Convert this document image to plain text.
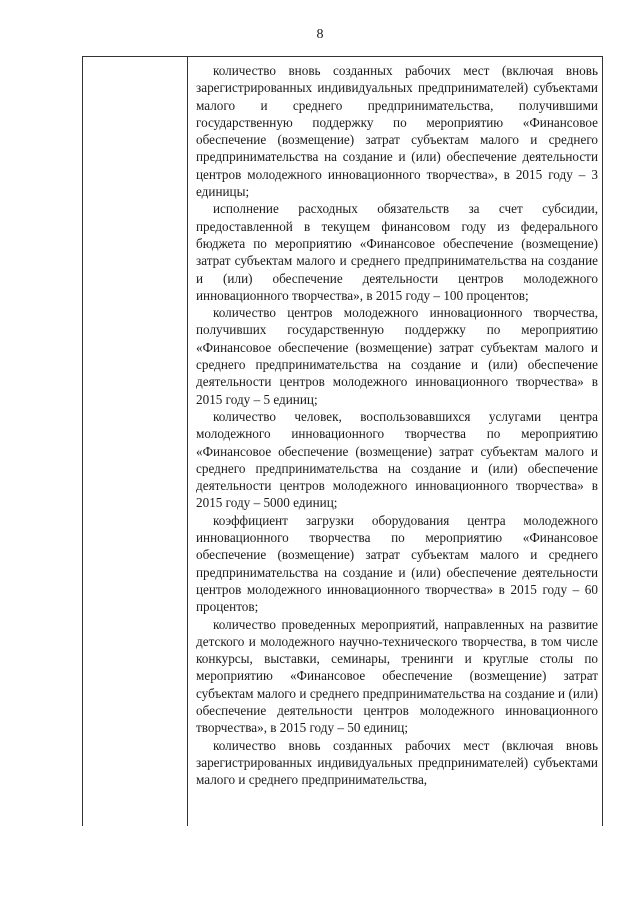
8

количество вновь созданных рабочих мест (включая вновь зарегистрированных индивидуальных предпринимателей) субъектами малого и среднего предпринимательства, получившими государственную поддержку по мероприятию «Финансовое обеспечение (возмещение) затрат субъектам малого и среднего предпринимательства на создание и (или) обеспечение деятельности центров молодежного инновационного творчества», в 2015 году – 3 единицы;

исполнение расходных обязательств за счет субсидии, предоставленной в текущем финансовом году из федерального бюджета по мероприятию «Финансовое обеспечение (возмещение) затрат субъектам малого и среднего предпринимательства на создание и (или) обеспечение деятельности центров молодежного инновационного творчества», в 2015 году – 100 процентов;

количество центров молодежного инновационного творчества, получивших государственную поддержку по мероприятию «Финансовое обеспечение (возмещение) затрат субъектам малого и среднего предпринимательства на создание и (или) обеспечение деятельности центров молодежного инновационного творчества» в 2015 году – 5 единиц;

количество человек, воспользовавшихся услугами центра молодежного инновационного творчества по мероприятию «Финансовое обеспечение (возмещение) затрат субъектам малого и среднего предпринимательства на создание и (или) обеспечение деятельности центров молодежного инновационного творчества» в 2015 году – 5000 единиц;

коэффициент загрузки оборудования центра молодежного инновационного творчества по мероприятию «Финансовое обеспечение (возмещение) затрат субъектам малого и среднего предпринимательства на создание и (или) обеспечение деятельности центров молодежного инновационного творчества» в 2015 году – 60 процентов;

количество проведенных мероприятий, направленных на развитие детского и молодежного научно-технического творчества, в том числе конкурсы, выставки, семинары, тренинги и круглые столы по мероприятию «Финансовое обеспечение (возмещение) затрат субъектам малого и среднего предпринимательства на создание и (или) обеспечение деятельности центров молодежного инновационного творчества», в 2015 году – 50 единиц;

количество вновь созданных рабочих мест (включая вновь зарегистрированных индивидуальных предпринимателей) субъектами малого и среднего предпринимательства,
